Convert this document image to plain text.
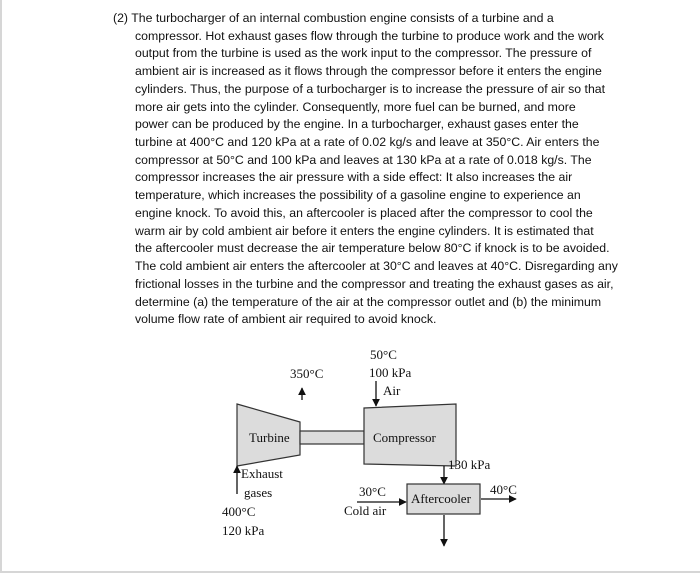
(2) The turbocharger of an internal combustion engine consists of a turbine and a
compressor. Hot exhaust gases flow through the turbine to produce work and the work
output from the turbine is used as the work input to the compressor. The pressure of
ambient air is increased as it flows through the compressor before it enters the engine
cylinders. Thus, the purpose of a turbocharger is to increase the pressure of air so that
more air gets into the cylinder. Consequently, more fuel can be burned, and more
power can be produced by the engine. In a turbocharger, exhaust gases enter the
turbine at 400°C and 120 kPa at a rate of 0.02 kg/s and leave at 350°C. Air enters the
compressor at 50°C and 100 kPa and leaves at 130 kPa at a rate of 0.018 kg/s. The
compressor increases the air pressure with a side effect: It also increases the air
temperature, which increases the possibility of a gasoline engine to experience an
engine knock. To avoid this, an aftercooler is placed after the compressor to cool the
warm air by cold ambient air before it enters the engine cylinders. It is estimated that
the aftercooler must decrease the air temperature below 80°C if knock is to be avoided.
The cold ambient air enters the aftercooler at 30°C and leaves at 40°C. Disregarding any
frictional losses in the turbine and the compressor and treating the exhaust gases as air,
determine (a) the temperature of the air at the compressor outlet and (b) the minimum
volume flow rate of ambient air required to avoid knock.
Turbine	Compressor
350°C
50°C
100 kPa
Air
130 kPa
Exhaust
gases
400°C
120 kPa
Aftercooler
30°C
Cold air
40°C
